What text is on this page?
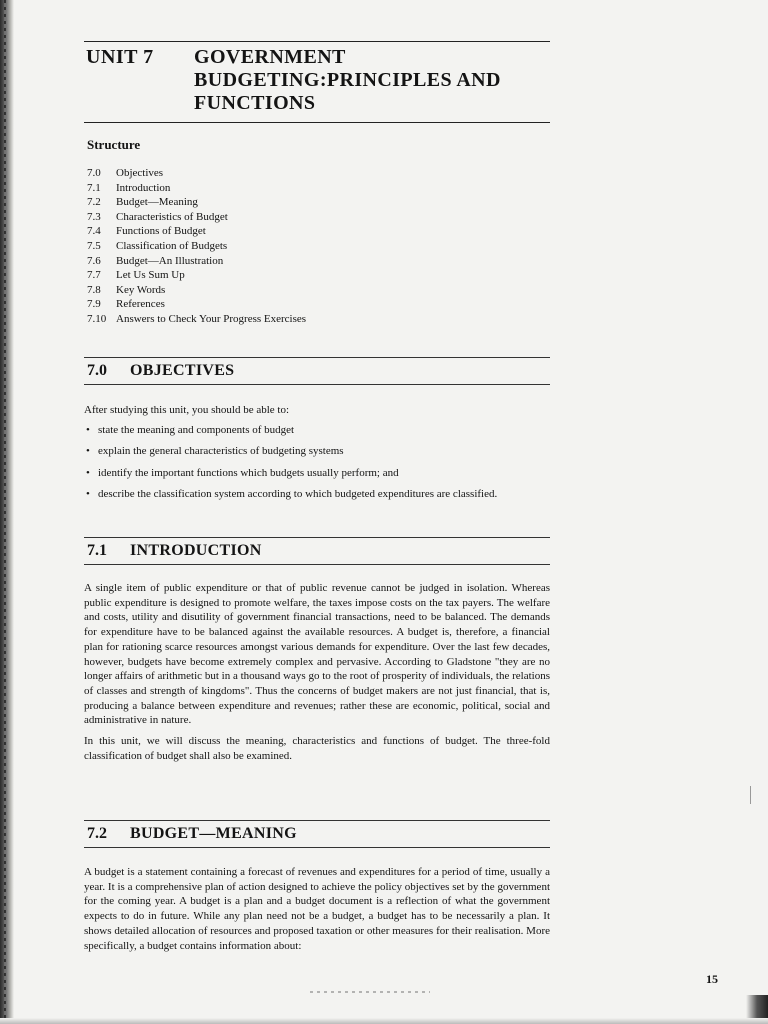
UNIT 7 GOVERNMENT
BUDGETING:PRINCIPLES AND
FUNCTIONS
Structure
7.0	Objectives
7.1	Introduction
7.2	Budget—Meaning
7.3	Characteristics of Budget
7.4	Functions of Budget
7.5	Classification of Budgets
7.6	Budget—An Illustration
7.7	Let Us Sum Up
7.8	Key Words
7.9	References
7.10 Answers to Check Your Progress Exercises
7.0 OBJECTIVES
After studying this unit, you should be able to:
• state the meaning and components of budget
• explain the general characteristics of budgeting systems
• identify the important functions which budgets usually perform; and
• describe the classification system according to which budgeted expenditures are classified.
7.1 INTRODUCTION

A single item of public expenditure or that of public revenue cannot be judged in isolation. Whereas public expenditure is designed to promote welfare, the taxes impose costs on the tax payers. The welfare and costs, utility and disutility of government financial transactions, need to be balanced. The demands for expenditure have to be balanced against the available resources. A budget is, therefore, a financial plan for rationing scarce resources amongst various demands for expenditure. Over the last few decades, however, budgets have become extremely complex and pervasive. According to Gladstone "they are no longer affairs of arithmetic but in a thousand ways go to the root of prosperity of individuals, the relations of classes and strength of kingdoms". Thus the concerns of budget makers are not just financial, that is, producing a balance between expenditure and revenues; rather these are economic, political, social and administrative in nature.

In this unit, we will discuss the meaning, characteristics and functions of budget. The three-fold classification of budget shall also be examined.

7.2 BUDGET—MEANING

A budget is a statement containing a forecast of revenues and expenditures for a period of time, usually a year. It is a comprehensive plan of action designed to achieve the policy objectives set by the government for the coming year. A budget is a plan and a budget document is a reflection of what the government expects to do in future. While any plan need not be a budget, a budget has to be necessarily a plan. It shows detailed allocation of resources and proposed taxation or other measures for their realisation. More specifically, a budget contains information about:

15
